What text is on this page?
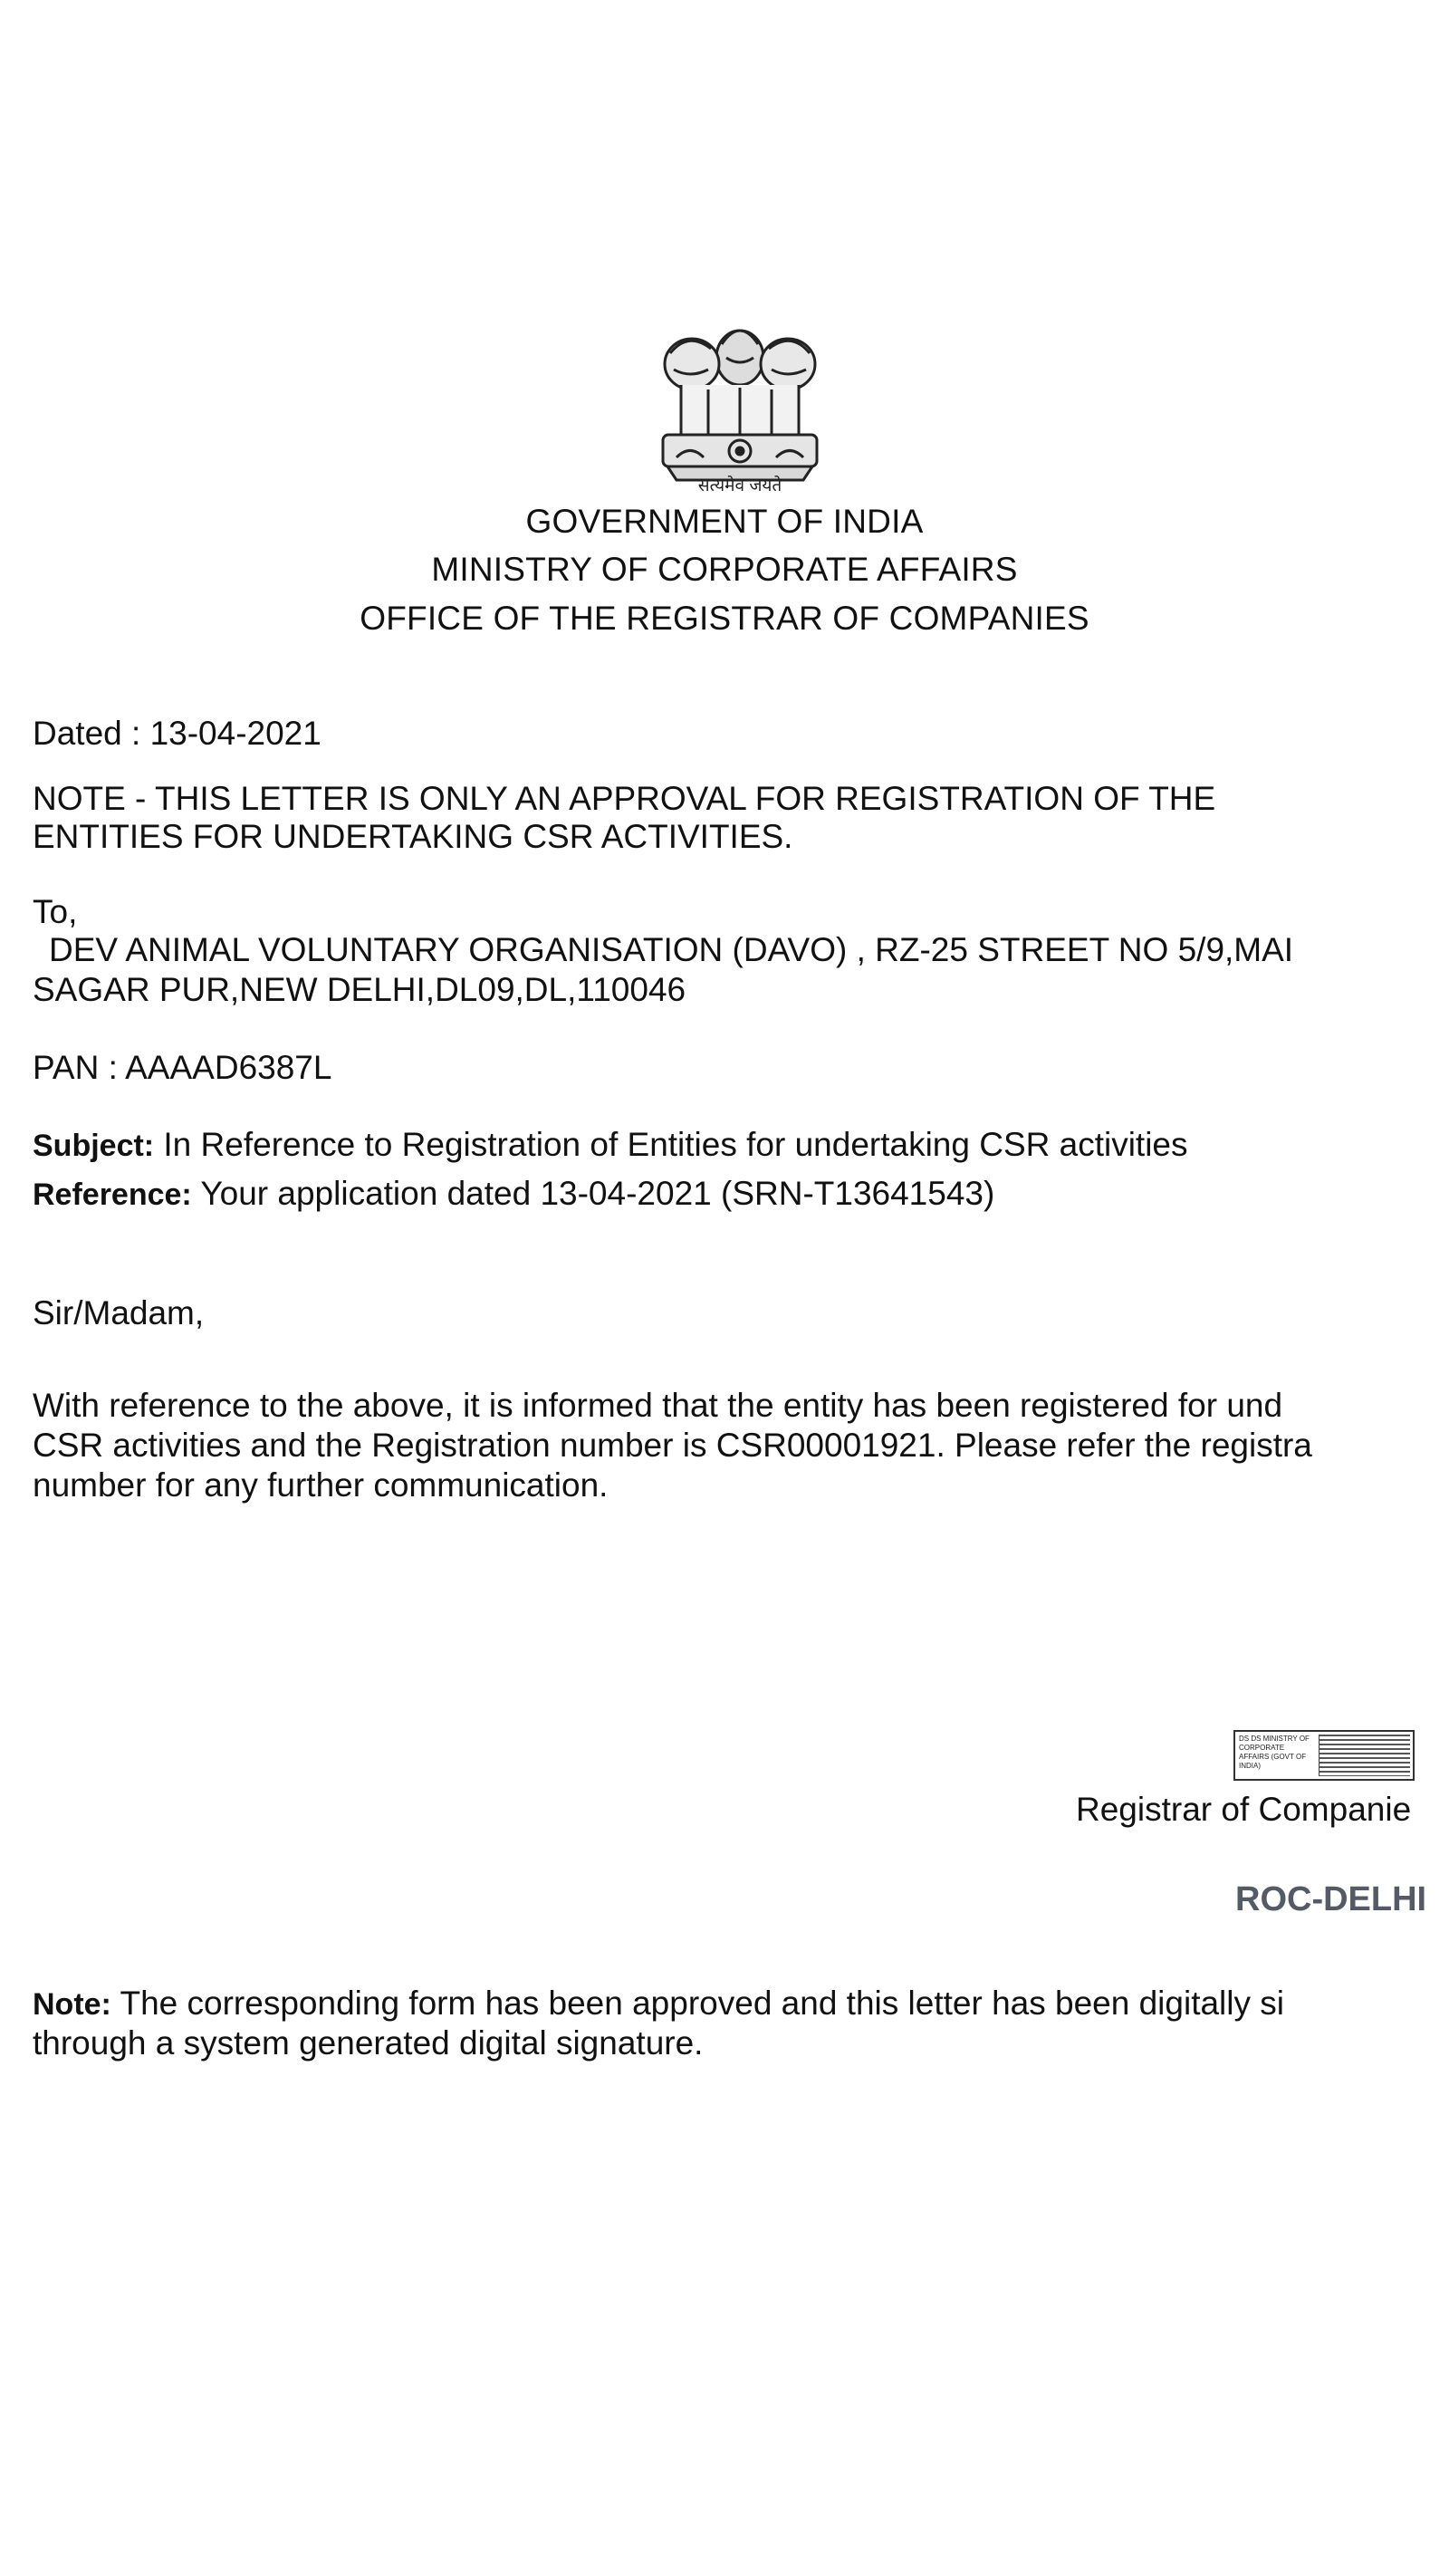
सत्यमेव जयते
GOVERNMENT OF INDIA
MINISTRY OF CORPORATE AFFAIRS
OFFICE OF THE REGISTRAR OF COMPANIES
Dated : 13-04-2021
NOTE - THIS LETTER IS ONLY AN APPROVAL FOR REGISTRATION OF THE
ENTITIES FOR UNDERTAKING CSR ACTIVITIES.
To,
DEV ANIMAL VOLUNTARY ORGANISATION (DAVO) , RZ-25 STREET NO 5/9,MAI
SAGAR PUR,NEW DELHI,DL09,DL,110046
PAN : AAAAD6387L
Subject: In Reference to Registration of Entities for undertaking CSR activities
Reference: Your application dated 13-04-2021 (SRN-T13641543)
Sir/Madam,
With reference to the above, it is informed that the entity has been registered for und
CSR activities and the Registration number is CSR00001921. Please refer the registra
number for any further communication.
DS DS MINISTRY OF CORPORATE AFFAIRS (GOVT OF INDIA)
Registrar of Companie
ROC-DELHI
Note: The corresponding form has been approved and this letter has been digitally si
through a system generated digital signature.
